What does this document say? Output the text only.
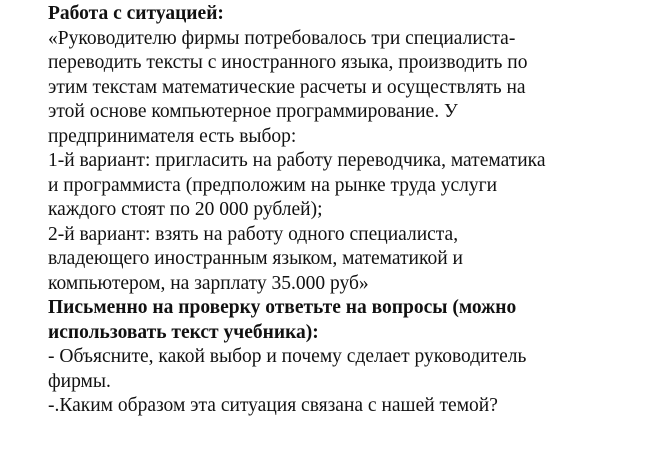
Работа с ситуацией:
«Руководителю фирмы потребовалось три специалиста-
переводить тексты с иностранного языка, производить по
этим текстам математические расчеты и осуществлять на
этой основе компьютерное программирование. У
предпринимателя есть выбор:
1-й вариант: пригласить на работу переводчика, математика
и программиста (предположим на рынке труда услуги
каждого стоят по 20 000 рублей);
2-й вариант: взять на работу одного специалиста,
владеющего иностранным языком, математикой и
компьютером, на зарплату 35.000 руб»
Письменно на проверку ответьте на вопросы (можно
использовать текст учебника):
- Объясните, какой выбор и почему сделает руководитель
фирмы.
-.Каким образом эта ситуация связана с нашей темой?
